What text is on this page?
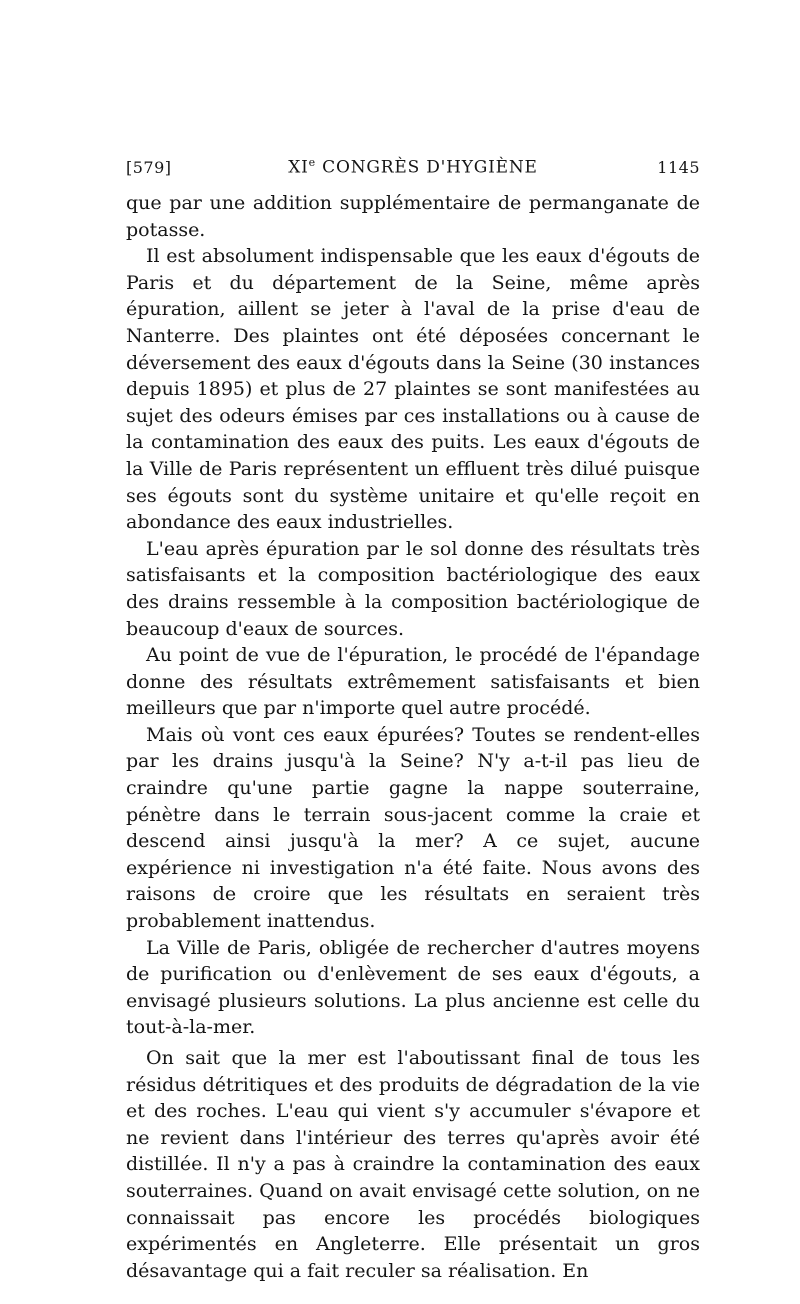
[579]	XIe CONGRÈS D'HYGIÈNE	1145

que par une addition supplémentaire de permanganate de potasse.

Il est absolument indispensable que les eaux d'égouts de Paris et du département de la Seine, même après épuration, aillent se jeter à l'aval de la prise d'eau de Nanterre. Des plaintes ont été déposées concernant le déversement des eaux d'égouts dans la Seine (30 instances depuis 1895) et plus de 27 plaintes se sont manifestées au sujet des odeurs émises par ces installations ou à cause de la contamination des eaux des puits. Les eaux d'égouts de la Ville de Paris représentent un effluent très dilué puisque ses égouts sont du système unitaire et qu'elle reçoit en abondance des eaux industrielles.

L'eau après épuration par le sol donne des résultats très satisfaisants et la composition bactériologique des eaux des drains ressemble à la composition bactériologique de beaucoup d'eaux de sources.

Au point de vue de l'épuration, le procédé de l'épandage donne des résultats extrêmement satisfaisants et bien meilleurs que par n'importe quel autre procédé.

Mais où vont ces eaux épurées? Toutes se rendent-elles par les drains jusqu'à la Seine? N'y a-t-il pas lieu de craindre qu'une partie gagne la nappe souterraine, pénètre dans le terrain sous-jacent comme la craie et descend ainsi jusqu'à la mer? A ce sujet, aucune expérience ni investigation n'a été faite. Nous avons des raisons de croire que les résultats en seraient très probablement inattendus.

La Ville de Paris, obligée de rechercher d'autres moyens de purification ou d'enlèvement de ses eaux d'égouts, a envisagé plusieurs solutions. La plus ancienne est celle du tout-à-la-mer.

On sait que la mer est l'aboutissant final de tous les résidus détritiques et des produits de dégradation de la vie et des roches. L'eau qui vient s'y accumuler s'évapore et ne revient dans l'intérieur des terres qu'après avoir été distillée. Il n'y a pas à craindre la contamination des eaux souterraines. Quand on avait envisagé cette solution, on ne connaissait pas encore les procédés biologiques expérimentés en Angleterre. Elle présentait un gros désavantage qui a fait reculer sa réalisation. En
